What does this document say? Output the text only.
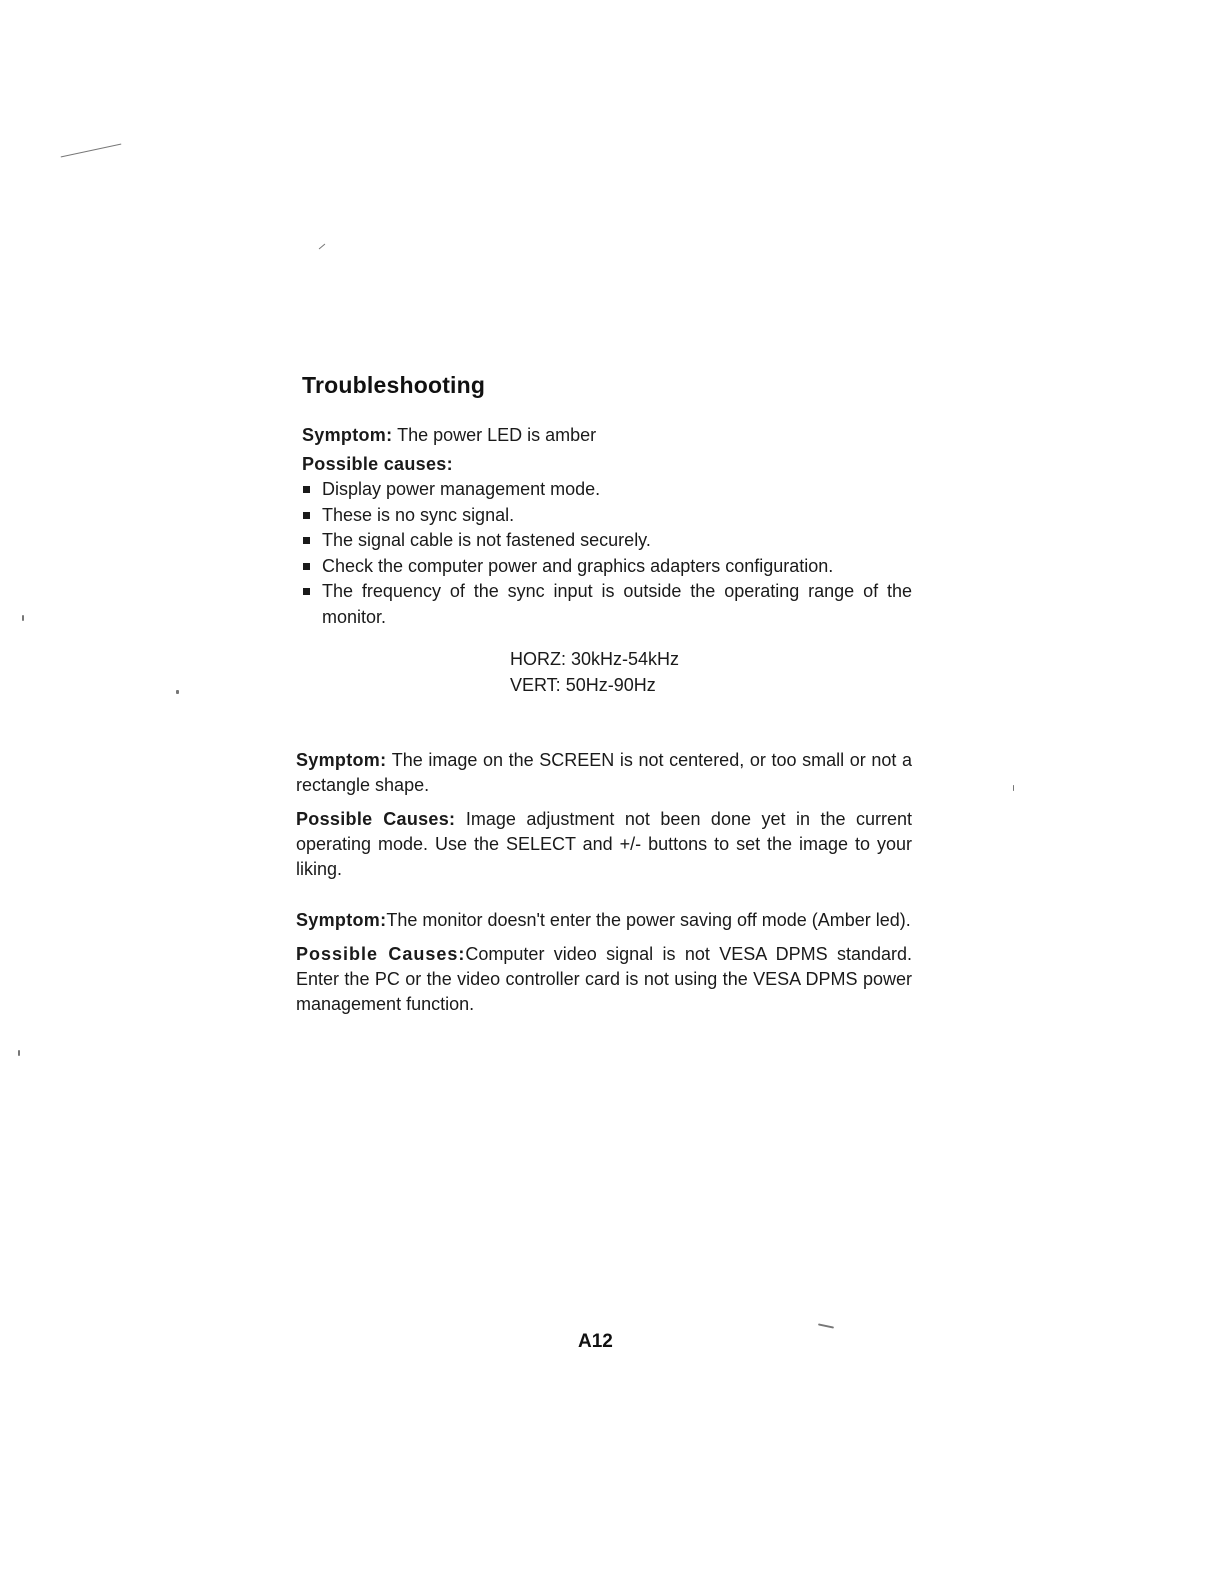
Troubleshooting

Symptom: The power LED is amber

Possible causes:

Display power management mode.
These is no sync signal.
The signal cable is not fastened securely.
Check the computer power and graphics adapters configuration.
The frequency of the sync input is outside the operating range of the monitor.
HORZ: 30kHz-54kHz
VERT: 50Hz-90Hz

Symptom: The image on the SCREEN is not centered, or too small or not a rectangle shape.

Possible Causes: Image adjustment not been done yet in the current operating mode. Use the SELECT and +/- buttons to set the image to your liking.

Symptom:The monitor doesn't enter the power saving off mode (Amber led).

Possible Causes:Computer video signal is not VESA DPMS standard. Enter the PC or the video controller card is not using the VESA DPMS power management function.

A12
